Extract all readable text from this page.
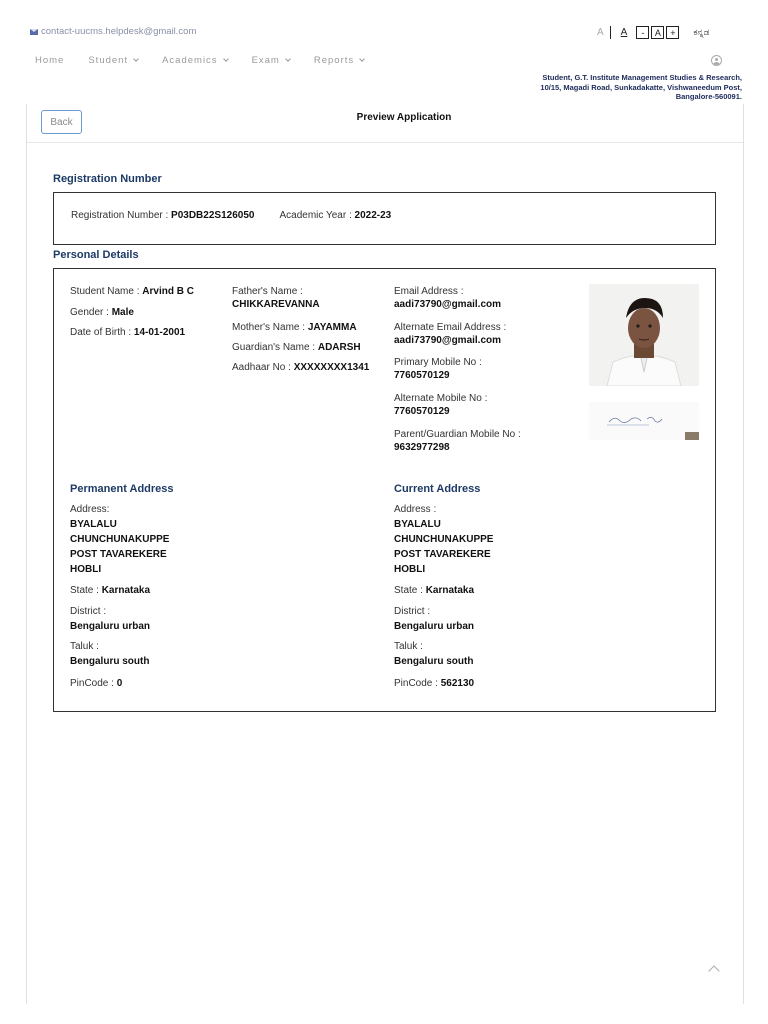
contact-uucms.helpdesk@gmail.com	A A	-	A	+	ಕನ್ನಡ
Home	Student	Academics	Exam	Reports
Student, G.T. Institute Management Studies & Research,
10/15, Magadi Road, Sunkadakatte, Vishwaneedum Post,
Bangalore-560091.
Back	Preview Application
Registration Number
Registration Number : P03DB22S126050	Academic Year : 2022-23
Personal Details
Student Name : Arvind B C
Gender : Male
Date of Birth : 14-01-2001
Father's Name :
CHIKKAREVANNA
Mother's Name : JAYAMMA
Guardian's Name : ADARSH
Aadhaar No : XXXXXXXX1341
Email Address :
aadi73790@gmail.com
Alternate Email Address :
aadi73790@gmail.com
Primary Mobile No :
7760570129
Alternate Mobile No :
7760570129
Parent/Guardian Mobile No :
9632977298
Permanent Address
Address:
BYALALU
CHUNCHUNAKUPPE
POST TAVAREKERE
HOBLI
State : Karnataka
District :
Bengaluru urban
Taluk :
Bengaluru south
PinCode : 0
Current Address
Address :
BYALALU
CHUNCHUNAKUPPE
POST TAVAREKERE
HOBLI
State : Karnataka
District :
Bengaluru urban
Taluk :
Bengaluru south
PinCode : 562130
